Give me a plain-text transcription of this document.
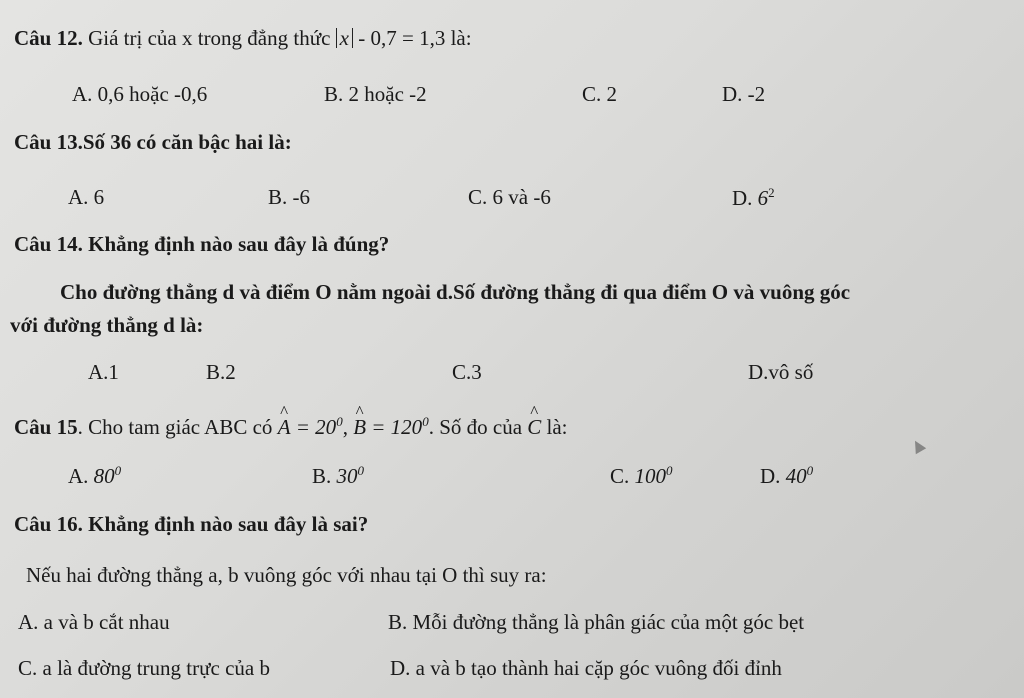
Câu 12. Giá trị của x trong đẳng thức x - 0,7 = 1,3 là:
A. 0,6 hoặc -0,6	B. 2 hoặc -2	C. 2	D. -2
Câu 13.Số 36 có căn bậc hai là:
A. 6	B. -6	C. 6 và -6	D. $6^2$
Câu 14. Khẳng định nào sau đây là đúng?
Cho đường thẳng d và điểm O nằm ngoài d.Số đường thẳng đi qua điểm O và vuông góc
với đường thẳng d là:
A.1	B.2	C.3	D.vô số
Câu 15. Cho tam giác ABC có ^ $A = 20^0$, ^ $B = 120^0$. Số đo của ^ C là:
A. $80^0$	B. $30^0$	C. $100^0$	D. $40^0$
Câu 16. Khẳng định nào sau đây là sai?
Nếu hai đường thẳng a, b vuông góc với nhau tại O thì suy ra:
A. a và b cắt nhau	B. Mỗi đường thẳng là phân giác của một góc bẹt
C. a là đường trung trực của b	D. a và b tạo thành hai cặp góc vuông đối đỉnh
